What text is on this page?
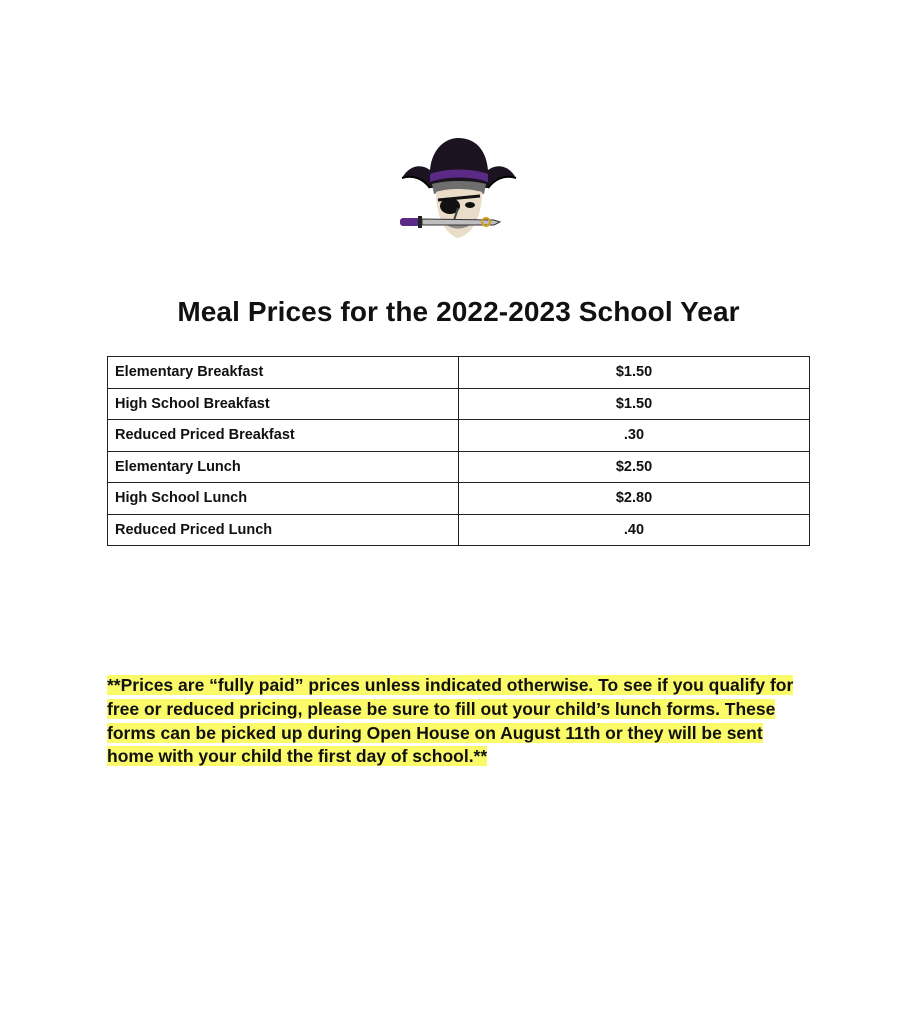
Meal Prices for the 2022-2023 School Year
Elementary Breakfast	$1.50
High School Breakfast	$1.50
Reduced Priced Breakfast	.30
Elementary Lunch	$2.50
High School Lunch	$2.80
Reduced Priced Lunch	.40

**Prices are “fully paid” prices unless indicated otherwise. To see if you qualify for free or reduced pricing, please be sure to fill out your child’s lunch forms. These forms can be picked up during Open House on August 11th or they will be sent home with your child the first day of school.**
